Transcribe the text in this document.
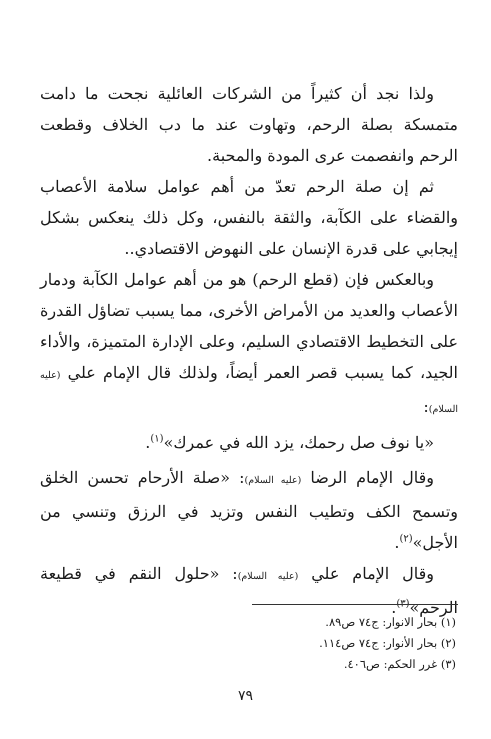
ولذا نجد أن كثيراً من الشركات العائلية نجحت ما دامت متمسكة بصلة الرحم، وتهاوت عند ما دب الخلاف وقطعت الرحم وانفصمت عرى المودة والمحبة.

ثم إن صلة الرحم تعدّ من أهم عوامل سلامة الأعصاب والقضاء على الكآبة، والثقة بالنفس، وكل ذلك ينعكس بشكل إيجابي على قدرة الإنسان على النهوض الاقتصادي..

وبالعكس فإن (قطع الرحم) هو من أهم عوامل الكآبة ودمار الأعصاب والعديد من الأمراض الأخرى، مما يسبب تضاؤل القدرة على التخطيط الاقتصادي السليم، وعلى الإدارة المتميزة، والأداء الجيد، كما يسبب قصر العمر أيضاً، ولذلك قال الإمام علي (عليه السلام):

«يا نوف صل رحمك، يزد الله في عمرك»$^{(١)}$.

وقال الإمام الرضا (عليه السلام): «صلة الأرحام تحسن الخلق وتسمح الكف وتطيب النفس وتزيد في الرزق وتنسي من الأجل»$^{(٢)}$.

وقال الإمام علي (عليه السلام): «حلول النقم في قطيعة الرحم»$^{(٣)}$.

(١) بحار الانوار: ج٧٤ ص٨٩.

(٢) بحار الأنوار: ج٧٤ ص١١٤.

(٣) غرر الحكم: ص٤٠٦.

٧٩
